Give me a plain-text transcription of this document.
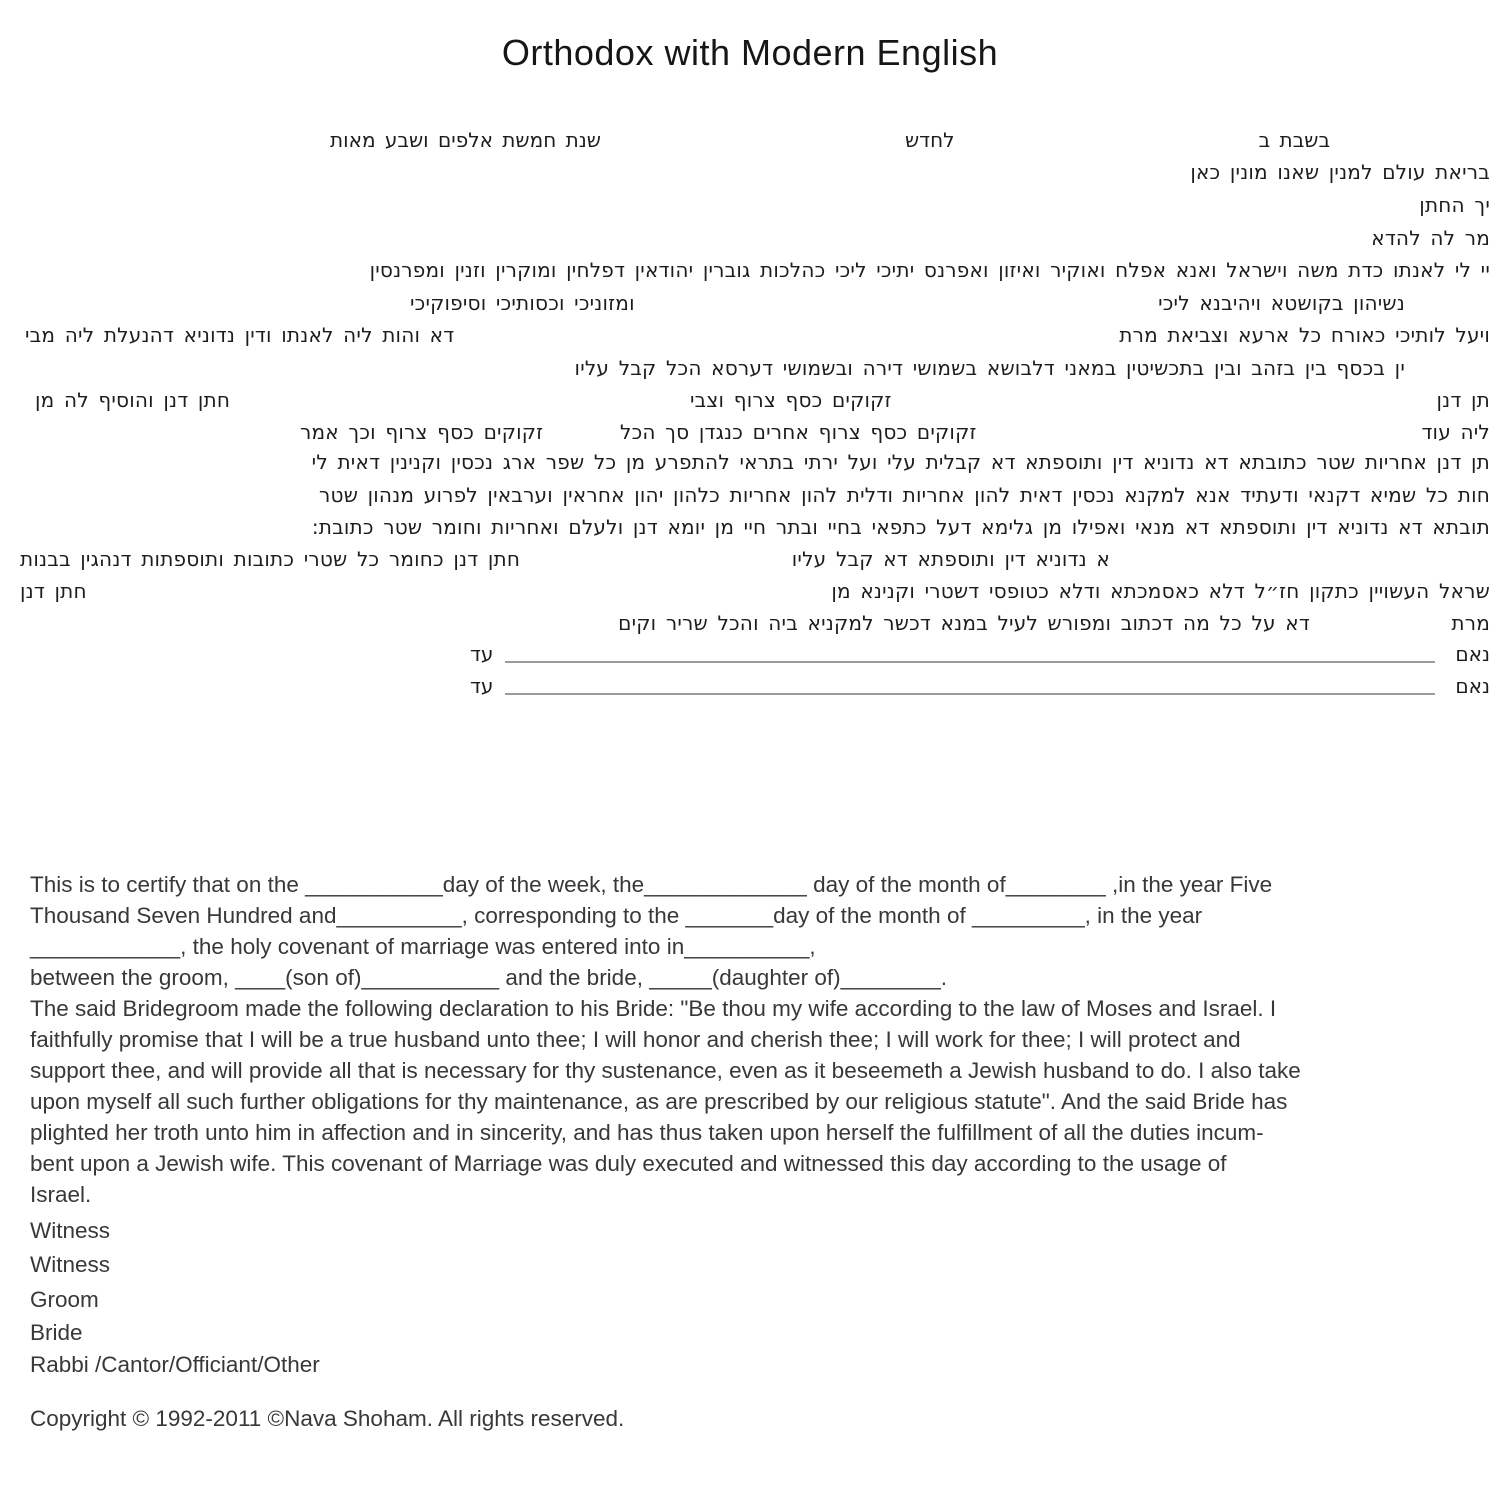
Orthodox with Modern English
בשבת ב
לחדש
שנת חמשת אלפים ושבע מאות
בריאת עולם למנין שאנו מונין כאן
יך החתן
מר לה להדא
יי לי לאנתו כדת משה וישראל ואנא אפלח ואוקיר ואיזון ואפרנס יתיכי ליכי כהלכות גוברין יהודאין דפלחין ומוקרין וזנין ומפרנסין
נשיהון בקושטא ויהיבנא ליכי
ומזוניכי וכסותיכי וסיפוקיכי
ויעל לותיכי כאורח כל ארעא וצביאת מרת
דא והות ליה לאנתו ודין נדוניא דהנעלת ליה מבי
ין בכסף בין בזהב ובין בתכשיטין במאני דלבושא בשמושי דירה ובשמושי דערסא הכל קבל עליו
תן דנן
זקוקים כסף צרוף וצבי
חתן דנן והוסיף לה מן
ליה עוד
זקוקים כסף צרוף אחרים כנגדן סך הכל
זקוקים כסף צרוף וכך אמר
תן דנן אחריות שטר כתובתא דא נדוניא דין ותוספתא דא קבלית עלי ועל ירתי בתראי להתפרע מן כל שפר ארג נכסין וקנינין דאית לי
חות כל שמיא דקנאי ודעתיד אנא למקנא נכסין דאית להון אחריות ודלית להון אחריות כלהון יהון אחראין וערבאין לפרוע מנהון שטר
תובתא דא נדוניא דין ותוספתא דא מנאי ואפילו מן גלימא דעל כתפאי בחיי ובתר חיי מן יומא דנן ולעלם ואחריות וחומר שטר כתובת:
א נדוניא דין ותוספתא דא קבל עליו
חתן דנן כחומר כל שטרי כתובות ותוספתות דנהגין בבנות
שראל העשויין כתקון חז״ל דלא כאסמכתא ודלא כטופסי דשטרי וקנינא מן
חתן דנן
מרת
דא על כל מה דכתוב ומפורש לעיל במנא דכשר למקניא ביה והכל שריר וקים
נאם
עד
נאם
עד
This is to certify that on the ___________day of the week, the_____________ day of the month of________ ,in the year Five
Thousand Seven Hundred and__________, corresponding to the _______day of the month of _________, in the year
____________, the holy covenant of marriage was entered into in__________,
between the groom, ____(son of)___________ and the bride, _____(daughter of)________.
The said Bridegroom made the following declaration to his Bride: "Be thou my wife according to the law of Moses and Israel. I
faithfully promise that I will be a true husband unto thee; I will honor and cherish thee; I will work for thee; I will protect and
support thee, and will provide all that is necessary for thy sustenance, even as it beseemeth a Jewish husband to do. I also take
upon myself all such further obligations for thy maintenance, as are prescribed by our religious statute". And the said Bride has
plighted her troth unto him in affection and in sincerity, and has thus taken upon herself the fulfillment of all the duties incum-
bent upon a Jewish wife. This covenant of Marriage was duly executed and witnessed this day according to the usage of
Israel.
Witness
Witness
Groom
Bride
Rabbi /Cantor/Officiant/Other
Copyright © 1992-2011 ©Nava Shoham. All rights reserved.
